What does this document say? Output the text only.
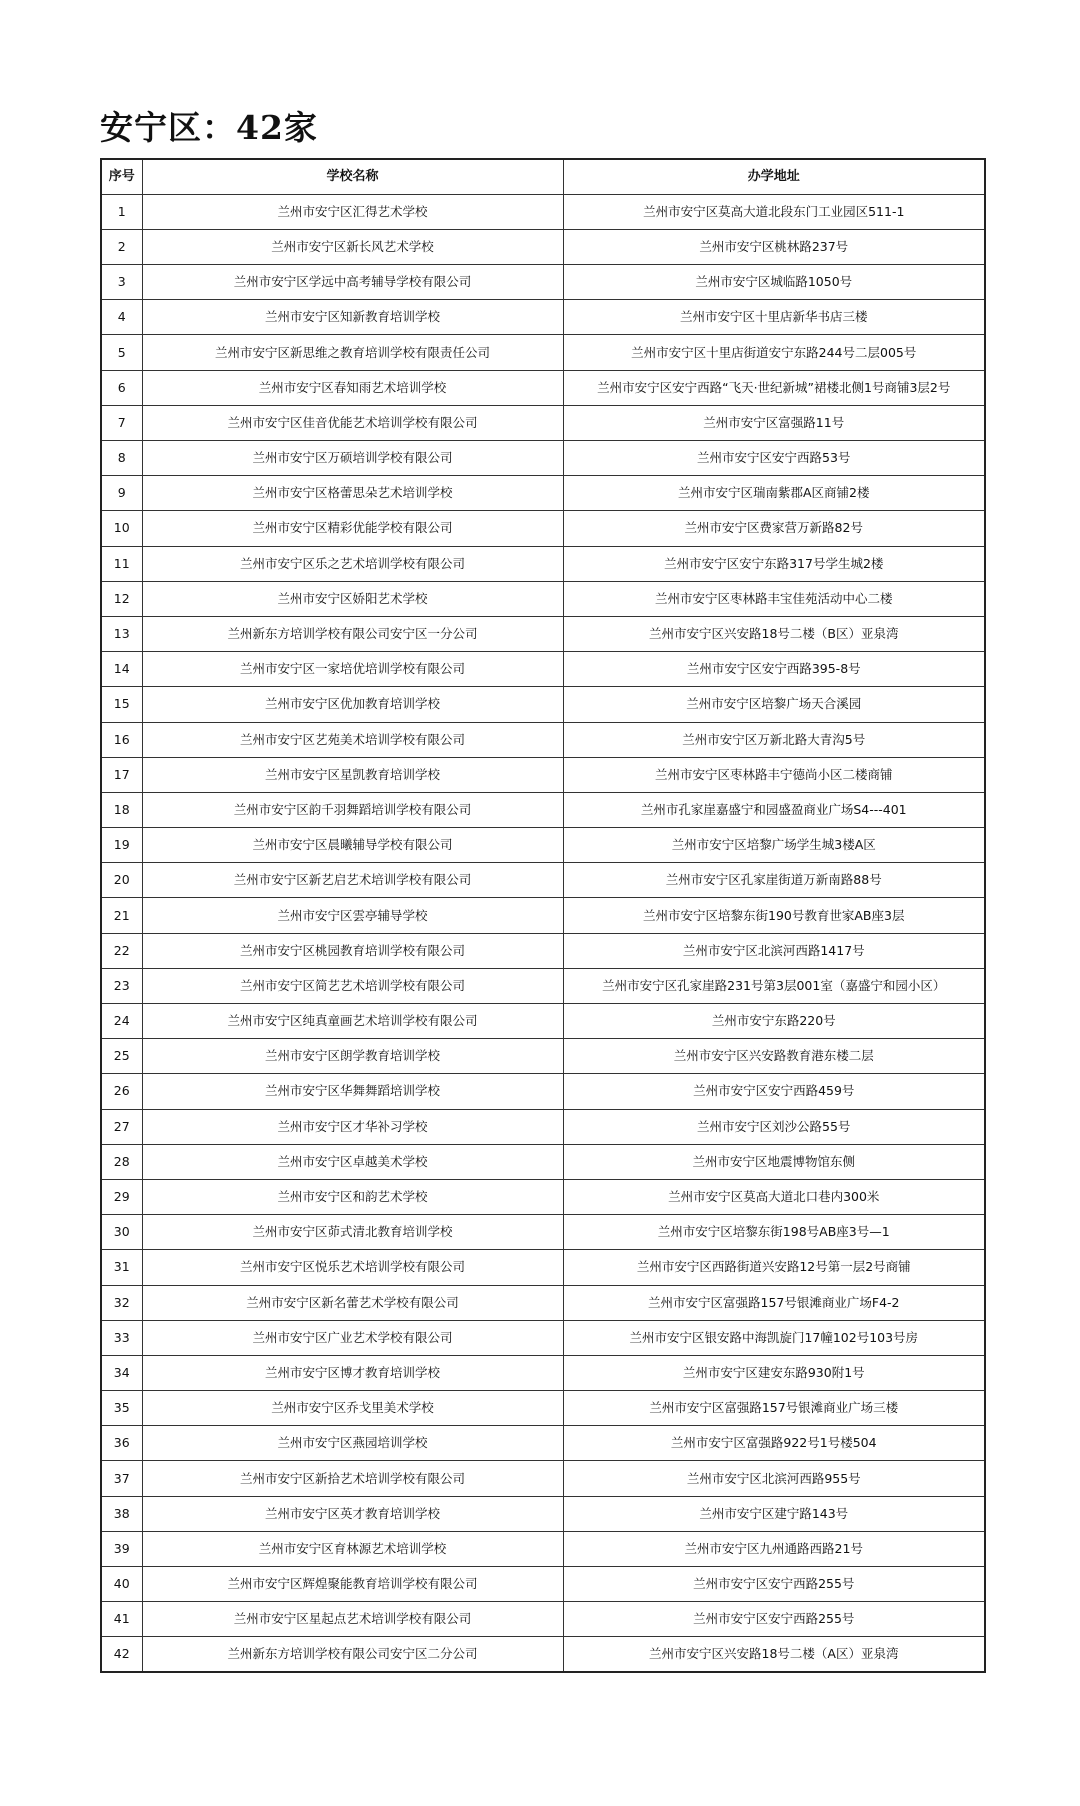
安宁区：42家
序号	学校名称	办学地址
1	兰州市安宁区汇得艺术学校	兰州市安宁区莫高大道北段东门工业园区511-1
2	兰州市安宁区新长风艺术学校	兰州市安宁区桃林路237号
3	兰州市安宁区学远中高考辅导学校有限公司	兰州市安宁区城临路1050号
4	兰州市安宁区知新教育培训学校	兰州市安宁区十里店新华书店三楼
5	兰州市安宁区新思维之教育培训学校有限责任公司	兰州市安宁区十里店街道安宁东路244号二层005号
6	兰州市安宁区春知雨艺术培训学校	兰州市安宁区安宁西路“飞天·世纪新城”裙楼北侧1号商铺3层2号
7	兰州市安宁区佳音优能艺术培训学校有限公司	兰州市安宁区富强路11号
8	兰州市安宁区万硕培训学校有限公司	兰州市安宁区安宁西路53号
9	兰州市安宁区格蕾思朵艺术培训学校	兰州市安宁区瑞南紫郡A区商铺2楼
10	兰州市安宁区精彩优能学校有限公司	兰州市安宁区费家营万新路82号
11	兰州市安宁区乐之艺术培训学校有限公司	兰州市安宁区安宁东路317号学生城2楼
12	兰州市安宁区娇阳艺术学校	兰州市安宁区枣林路丰宝佳苑活动中心二楼
13	兰州新东方培训学校有限公司安宁区一分公司	兰州市安宁区兴安路18号二楼（B区）亚泉湾
14	兰州市安宁区一家培优培训学校有限公司	兰州市安宁区安宁西路395-8号
15	兰州市安宁区优加教育培训学校	兰州市安宁区培黎广场天合溪园
16	兰州市安宁区艺苑美术培训学校有限公司	兰州市安宁区万新北路大青沟5号
17	兰州市安宁区星凯教育培训学校	兰州市安宁区枣林路丰宁德尚小区二楼商铺
18	兰州市安宁区韵千羽舞蹈培训学校有限公司	兰州市孔家崖嘉盛宁和园盛盈商业广场S4---401
19	兰州市安宁区晨曦辅导学校有限公司	兰州市安宁区培黎广场学生城3楼A区
20	兰州市安宁区新艺启艺术培训学校有限公司	兰州市安宁区孔家崖街道万新南路88号
21	兰州市安宁区雲亭辅导学校	兰州市安宁区培黎东街190号教育世家AB座3层
22	兰州市安宁区桃园教育培训学校有限公司	兰州市安宁区北滨河西路1417号
23	兰州市安宁区简艺艺术培训学校有限公司	兰州市安宁区孔家崖路231号第3层001室（嘉盛宁和园小区）
24	兰州市安宁区纯真童画艺术培训学校有限公司	兰州市安宁东路220号
25	兰州市安宁区朗学教育培训学校	兰州市安宁区兴安路教育港东楼二层
26	兰州市安宁区华舞舞蹈培训学校	兰州市安宁区安宁西路459号
27	兰州市安宁区才华补习学校	兰州市安宁区刘沙公路55号
28	兰州市安宁区卓越美术学校	兰州市安宁区地震博物馆东侧
29	兰州市安宁区和韵艺术学校	兰州市安宁区莫高大道北口巷内300米
30	兰州市安宁区茆式清北教育培训学校	兰州市安宁区培黎东街198号AB座3号—1
31	兰州市安宁区悦乐艺术培训学校有限公司	兰州市安宁区西路街道兴安路12号第一层2号商铺
32	兰州市安宁区新名蕾艺术学校有限公司	兰州市安宁区富强路157号银滩商业广场F4-2
33	兰州市安宁区广业艺术学校有限公司	兰州市安宁区银安路中海凯旋门17幢102号103号房
34	兰州市安宁区博才教育培训学校	兰州市安宁区建安东路930附1号
35	兰州市安宁区乔戈里美术学校	兰州市安宁区富强路157号银滩商业广场三楼
36	兰州市安宁区燕园培训学校	兰州市安宁区富强路922号1号楼504
37	兰州市安宁区新拾艺术培训学校有限公司	兰州市安宁区北滨河西路955号
38	兰州市安宁区英才教育培训学校	兰州市安宁区建宁路143号
39	兰州市安宁区育林源艺术培训学校	兰州市安宁区九州通路西路21号
40	兰州市安宁区辉煌聚能教育培训学校有限公司	兰州市安宁区安宁西路255号
41	兰州市安宁区星起点艺术培训学校有限公司	兰州市安宁区安宁西路255号
42	兰州新东方培训学校有限公司安宁区二分公司	兰州市安宁区兴安路18号二楼（A区）亚泉湾
